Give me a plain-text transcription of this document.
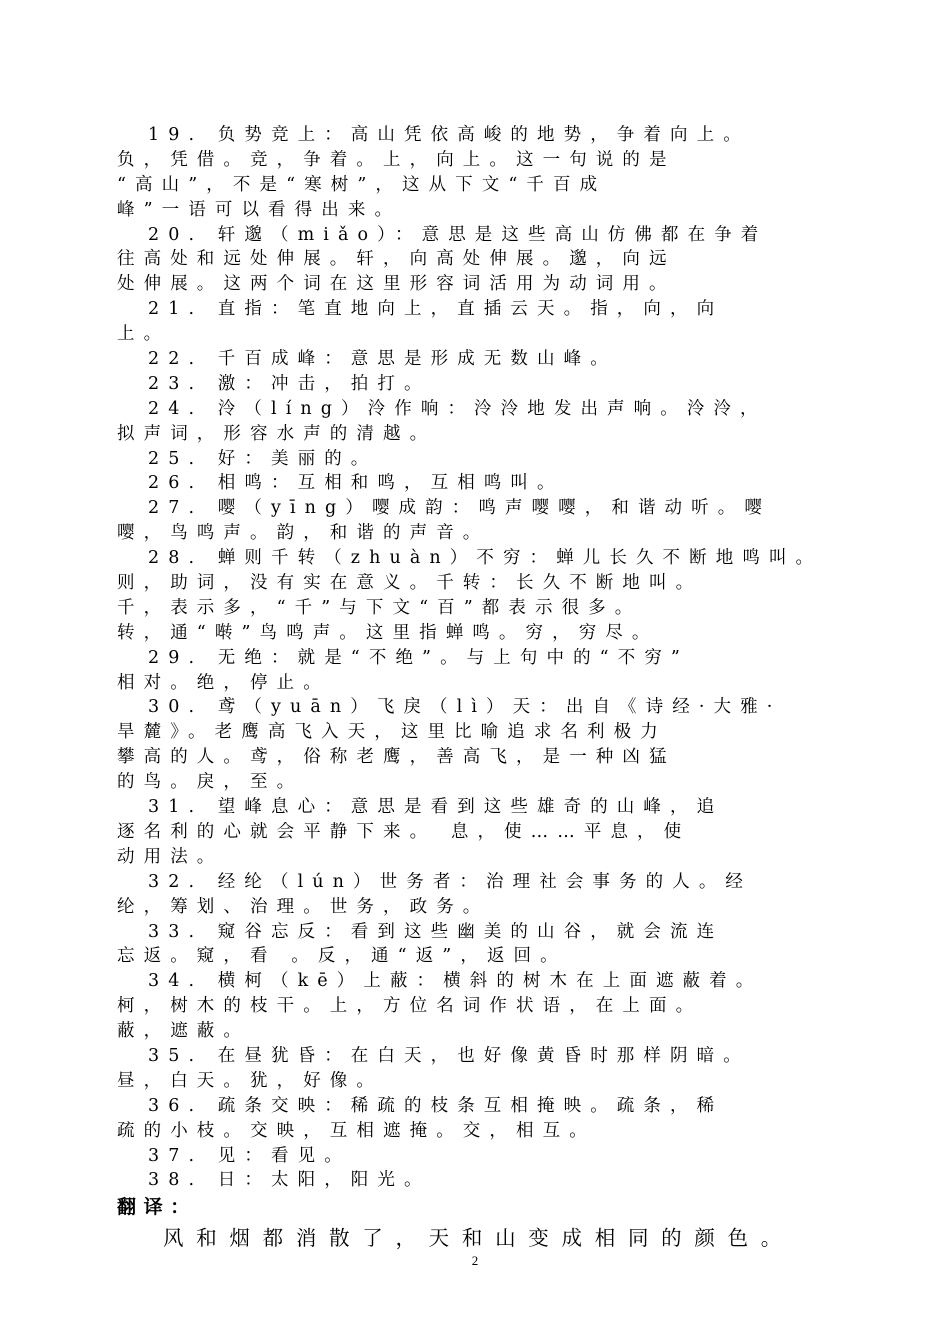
19. 负势竞上：高山凭依高峻的地势，争着向上。
负，凭借。竞，争着。上，向上。这一句说的是
“高山”，不是“寒树”，这从下文“千百成
峰”一语可以看得出来。
20. 轩邈（miǎo）：意思是这些高山仿佛都在争着
往高处和远处伸展。轩，向高处伸展。邈，向远
处伸展。这两个词在这里形容词活用为动词用。
21. 直指：笔直地向上，直插云天。指，向，向
上。
22. 千百成峰：意思是形成无数山峰。
23. 激：冲击，拍打。
24. 泠（líng）泠作响：泠泠地发出声响。泠泠，
拟声词，形容水声的清越。
25. 好：美丽的。
26. 相鸣：互相和鸣，互相鸣叫。
27. 嘤（yīng）嘤成韵：鸣声嘤嘤，和谐动听。嘤
嘤，鸟鸣声。韵，和谐的声音。
28. 蝉则千转（zhuàn）不穷：蝉儿长久不断地鸣叫。
则，助词，没有实在意义。千转：长久不断地叫。
千，表示多，“千”与下文“百”都表示很多。
转，通“啭”鸟鸣声。这里指蝉鸣。穷，穷尽。
29. 无绝：就是“不绝”。与上句中的“不穷”
相对。绝，停止。
30. 鸢（yuān）飞戾（lì）天：出自《诗经·大雅·
旱麓》。老鹰高飞入天，这里比喻追求名利极力
攀高的人。鸢，俗称老鹰，善高飞，是一种凶猛
的鸟。戾，至。
31. 望峰息心：意思是看到这些雄奇的山峰，追
逐名利的心就会平静下来。 息，使……平息，使
动用法。
32. 经纶（lún）世务者：治理社会事务的人。经
纶，筹划、治理。世务，政务。
33. 窥谷忘反：看到这些幽美的山谷，就会流连
忘返。窥，看 。反，通“返”，返回。
34. 横柯（kē）上蔽：横斜的树木在上面遮蔽着。
柯，树木的枝干。上，方位名词作状语，在上面。
蔽，遮蔽。
35. 在昼犹昏：在白天，也好像黄昏时那样阴暗。
昼，白天。犹，好像。
36. 疏条交映：稀疏的枝条互相掩映。疏条，稀
疏的小枝。交映，互相遮掩。交，相互。
37. 见：看见。
38. 日：太阳，阳光。
翻译：
风和烟都消散了，天和山变成相同的颜色。
2
